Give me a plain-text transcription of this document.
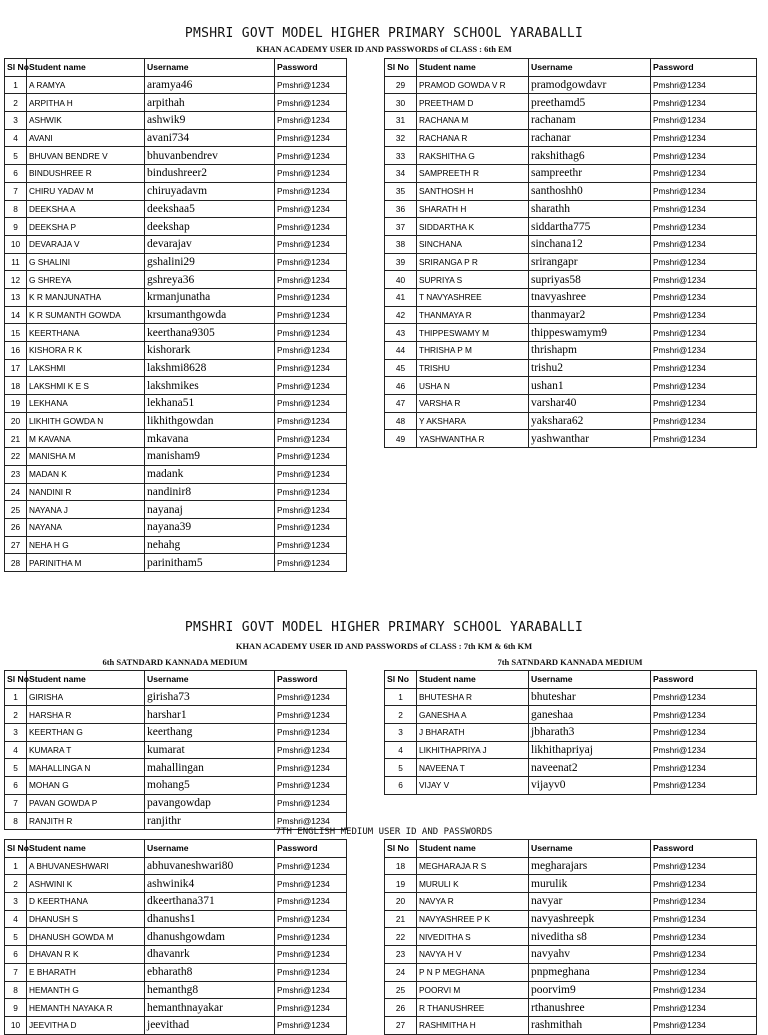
PMSHRI GOVT MODEL HIGHER PRIMARY SCHOOL YARABALLI
KHAN ACADEMY USER ID AND PASSWORDS of CLASS : 6th EM
Sl No	Student name	Username	Password
1	A RAMYA	aramya46	Pmshri@1234
2	ARPITHA H	arpithah	Pmshri@1234
3	ASHWIK	ashwik9	Pmshri@1234
4	AVANI	avani734	Pmshri@1234
5	BHUVAN BENDRE V	bhuvanbendrev	Pmshri@1234
6	BINDUSHREE R	bindushreer2	Pmshri@1234
7	CHIRU YADAV M	chiruyadavm	Pmshri@1234
8	DEEKSHA A	deekshaa5	Pmshri@1234
9	DEEKSHA P	deekshap	Pmshri@1234
10	DEVARAJA V	devarajav	Pmshri@1234
11	G SHALINI	gshalini29	Pmshri@1234
12	G SHREYA	gshreya36	Pmshri@1234
13	K R MANJUNATHA	krmanjunatha	Pmshri@1234
14	K R SUMANTH GOWDA	krsumanthgowda	Pmshri@1234
15	KEERTHANA	keerthana9305	Pmshri@1234
16	KISHORA R K	kishorark	Pmshri@1234
17	LAKSHMI	lakshmi8628	Pmshri@1234
18	LAKSHMI K E S	lakshmikes	Pmshri@1234
19	LEKHANA	lekhana51	Pmshri@1234
20	LIKHITH GOWDA N	likhithgowdan	Pmshri@1234
21	M KAVANA	mkavana	Pmshri@1234
22	MANISHA M	manisham9	Pmshri@1234
23	MADAN K	madank	Pmshri@1234
24	NANDINI R	nandinir8	Pmshri@1234
25	NAYANA J	nayanaj	Pmshri@1234
26	NAYANA	nayana39	Pmshri@1234
27	NEHA H G	nehahg	Pmshri@1234
28	PARINITHA M	parinitham5	Pmshri@1234
Sl No	Student name	Username	Password
29	PRAMOD GOWDA V R	pramodgowdavr	Pmshri@1234
30	PREETHAM D	preethamd5	Pmshri@1234
31	RACHANA M	rachanam	Pmshri@1234
32	RACHANA R	rachanar	Pmshri@1234
33	RAKSHITHA G	rakshithag6	Pmshri@1234
34	SAMPREETH R	sampreethr	Pmshri@1234
35	SANTHOSH H	santhoshh0	Pmshri@1234
36	SHARATH H	sharathh	Pmshri@1234
37	SIDDARTHA K	siddartha775	Pmshri@1234
38	SINCHANA	sinchana12	Pmshri@1234
39	SRIRANGA P R	srirangapr	Pmshri@1234
40	SUPRIYA S	supriyas58	Pmshri@1234
41	T NAVYASHREE	tnavyashree	Pmshri@1234
42	THANMAYA R	thanmayar2	Pmshri@1234
43	THIPPESWAMY M	thippeswamym9	Pmshri@1234
44	THRISHA P M	thrishapm	Pmshri@1234
45	TRISHU	trishu2	Pmshri@1234
46	USHA N	ushan1	Pmshri@1234
47	VARSHA R	varshar40	Pmshri@1234
48	Y AKSHARA	yakshara62	Pmshri@1234
49	YASHWANTHA R	yashwanthar	Pmshri@1234
PMSHRI GOVT MODEL HIGHER PRIMARY SCHOOL YARABALLI
KHAN ACADEMY USER ID AND PASSWORDS of CLASS : 7th KM & 6th KM
6th SATNDARD KANNADA MEDIUM	7th SATNDARD KANNADA MEDIUM
Sl No	Student name	Username	Password
1	GIRISHA	girisha73	Pmshri@1234
2	HARSHA R	harshar1	Pmshri@1234
3	KEERTHAN G	keerthang	Pmshri@1234
4	KUMARA T	kumarat	Pmshri@1234
5	MAHALLINGA N	mahallingan	Pmshri@1234
6	MOHAN G	mohang5	Pmshri@1234
7	PAVAN GOWDA P	pavangowdap	Pmshri@1234
8	RANJITH R	ranjithr	Pmshri@1234
Sl No	Student name	Username	Password
1	BHUTESHA R	bhuteshar	Pmshri@1234
2	GANESHA A	ganeshaa	Pmshri@1234
3	J BHARATH	jbharath3	Pmshri@1234
4	LIKHITHAPRIYA J	likhithapriyaj	Pmshri@1234
5	NAVEENA T	naveenat2	Pmshri@1234
6	VIJAY V	vijayv0	Pmshri@1234
7TH ENGLISH MEDIUM USER ID AND PASSWORDS
Sl No	Student name	Username	Password
1	A BHUVANESHWARI	abhuvaneshwari80	Pmshri@1234
2	ASHWINI K	ashwinik4	Pmshri@1234
3	D KEERTHANA	dkeerthana371	Pmshri@1234
4	DHANUSH S	dhanushs1	Pmshri@1234
5	DHANUSH GOWDA M	dhanushgowdam	Pmshri@1234
6	DHAVAN R K	dhavanrk	Pmshri@1234
7	E BHARATH	ebharath8	Pmshri@1234
8	HEMANTH G	hemanthg8	Pmshri@1234
9	HEMANTH NAYAKA R	hemanthnayakar	Pmshri@1234
10	JEEVITHA D	jeevithad	Pmshri@1234
Sl No	Student name	Username	Password
18	MEGHARAJA R S	megharajars	Pmshri@1234
19	MURULI K	murulik	Pmshri@1234
20	NAVYA R	navyar	Pmshri@1234
21	NAVYASHREE P K	navyashreepk	Pmshri@1234
22	NIVEDITHA S	niveditha s8	Pmshri@1234
23	NAVYA H V	navyahv	Pmshri@1234
24	P N P MEGHANA	pnpmeghana	Pmshri@1234
25	POORVI M	poorvim9	Pmshri@1234
26	R THANUSHREE	rthanushree	Pmshri@1234
27	RASHMITHA H	rashmithah	Pmshri@1234
